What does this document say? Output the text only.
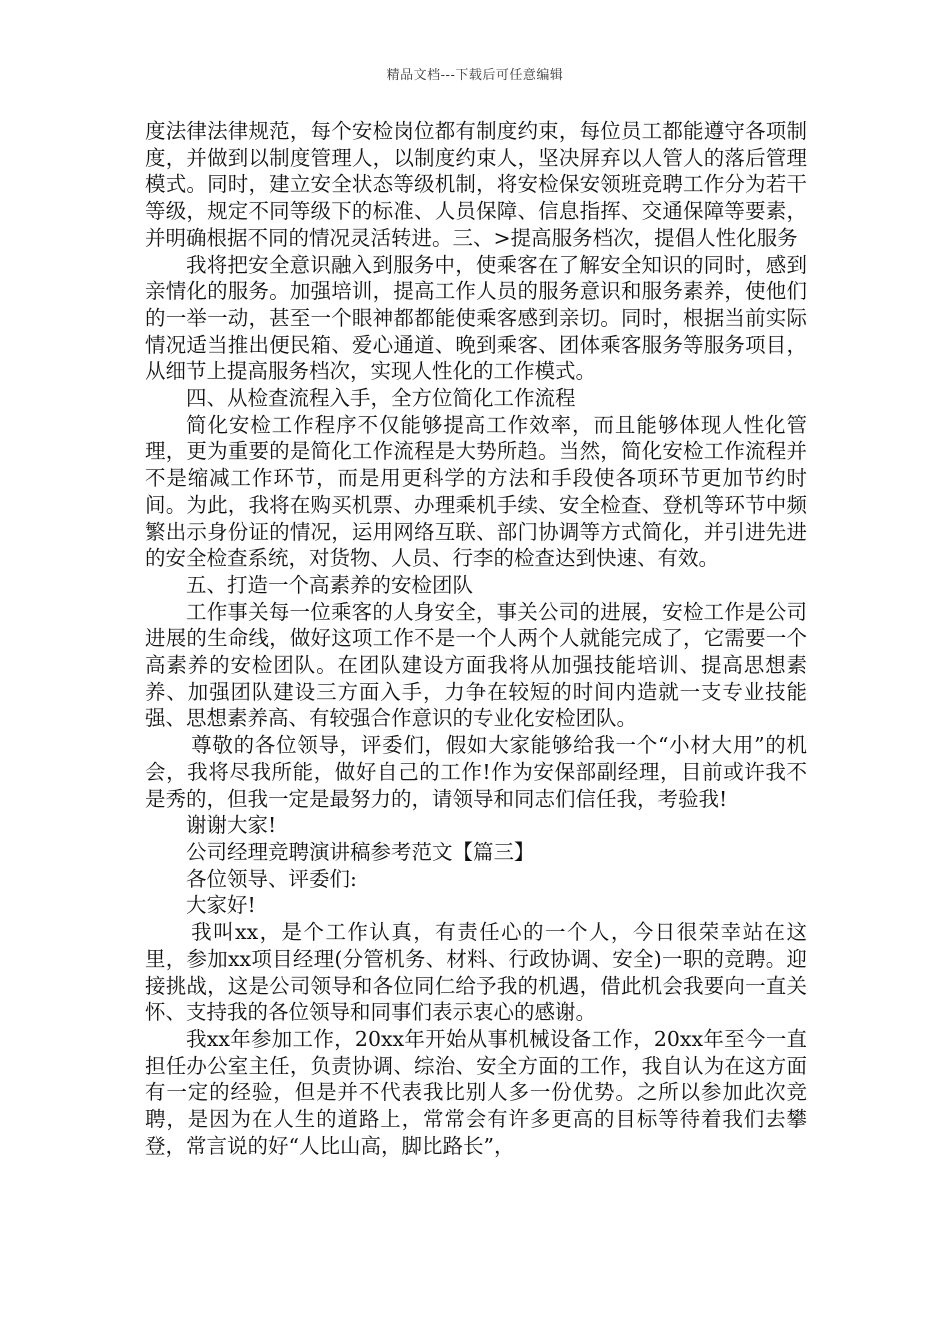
精品文档---下载后可任意编辑

度法律法律规范，每个安检岗位都有制度约束，每位员工都能遵守各项制度，并做到以制度管理人，以制度约束人，坚决屏弃以人管人的落后管理模式。同时，建立安全状态等级机制，将安检保安领班竞聘工作分为若干等级，规定不同等级下的标准、人员保障、信息指挥、交通保障等要素，并明确根据不同的情况灵活转进。三、>提高服务档次，提倡人性化服务

我将把安全意识融入到服务中，使乘客在了解安全知识的同时，感到亲情化的服务。加强培训，提高工作人员的服务意识和服务素养，使他们的一举一动，甚至一个眼神都都能使乘客感到亲切。同时，根据当前实际情况适当推出便民箱、爱心通道、晚到乘客、团体乘客服务等服务项目，从细节上提高服务档次，实现人性化的工作模式。

四、从检查流程入手，全方位简化工作流程

简化安检工作程序不仅能够提高工作效率，而且能够体现人性化管理，更为重要的是简化工作流程是大势所趋。当然，简化安检工作流程并不是缩减工作环节，而是用更科学的方法和手段使各项环节更加节约时间。为此，我将在购买机票、办理乘机手续、安全检查、登机等环节中频繁出示身份证的情况，运用网络互联、部门协调等方式简化，并引进先进的安全检查系统，对货物、人员、行李的检查达到快速、有效。

五、打造一个高素养的安检团队

工作事关每一位乘客的人身安全，事关公司的进展，安检工作是公司进展的生命线，做好这项工作不是一个人两个人就能完成了，它需要一个高素养的安检团队。在团队建设方面我将从加强技能培训、提高思想素养、加强团队建设三方面入手，力争在较短的时间内造就一支专业技能强、思想素养高、有较强合作意识的专业化安检团队。

尊敬的各位领导，评委们，假如大家能够给我一个“小材大用”的机会，我将尽我所能，做好自己的工作!作为安保部副经理，目前或许我不是秀的，但我一定是最努力的，请领导和同志们信任我，考验我!

谢谢大家!

公司经理竞聘演讲稿参考范文【篇三】

各位领导、评委们:

大家好!

我叫xx，是个工作认真，有责任心的一个人，今日很荣幸站在这里，参加xx项目经理(分管机务、材料、行政协调、安全)一职的竞聘。迎接挑战，这是公司领导和各位同仁给予我的机遇，借此机会我要向一直关怀、支持我的各位领导和同事们表示衷心的感谢。

我xx年参加工作，20xx年开始从事机械设备工作，20xx年至今一直担任办公室主任，负责协调、综治、安全方面的工作，我自认为在这方面有一定的经验，但是并不代表我比别人多一份优势。之所以参加此次竞聘，是因为在人生的道路上，常常会有许多更高的目标等待着我们去攀登，常言说的好“人比山高，脚比路长”，
